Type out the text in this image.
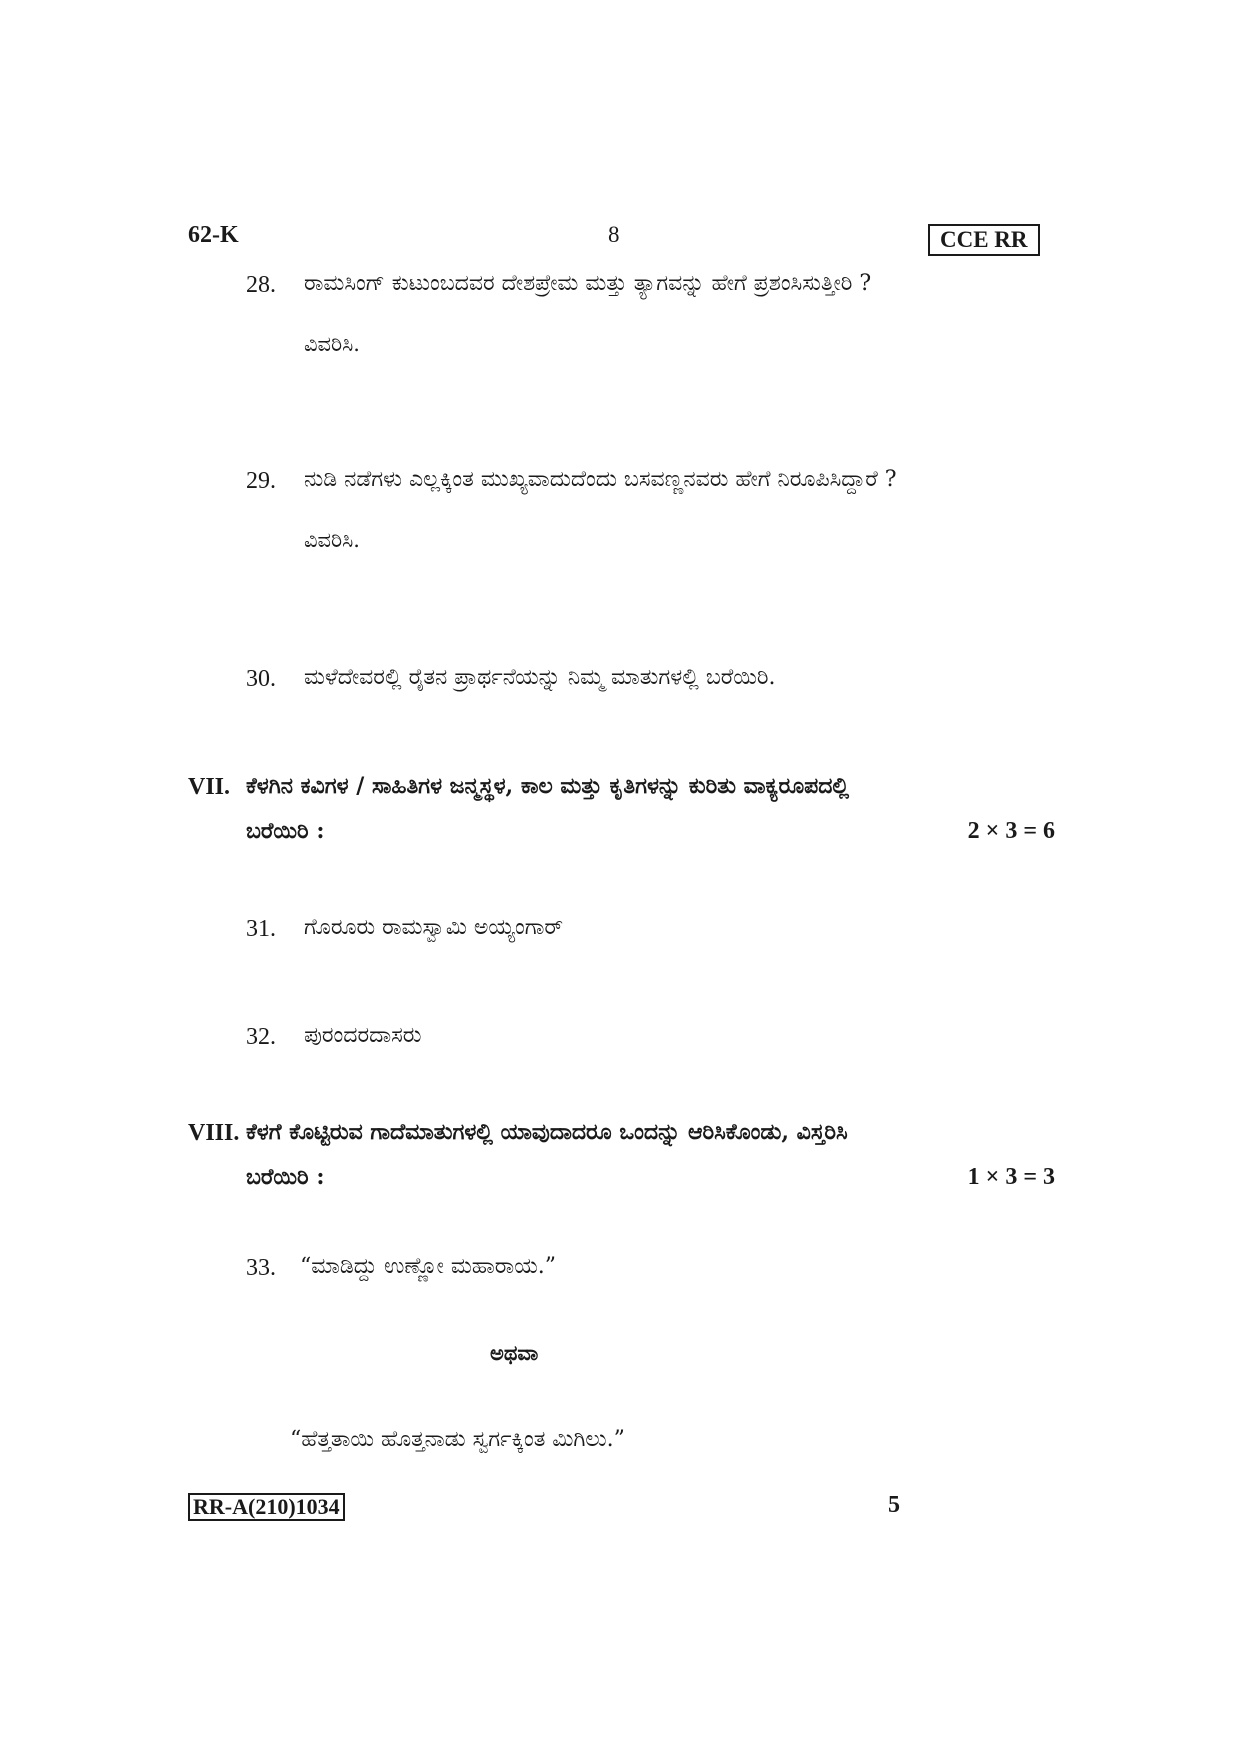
62-K	8	CCE RR
28.	ರಾಮಸಿಂಗ್ ಕುಟುಂಬದವರ ದೇಶಪ್ರೇಮ ಮತ್ತು ತ್ಯಾಗವನ್ನು ಹೇಗೆ ಪ್ರಶಂಸಿಸುತ್ತೀರಿ ?
ವಿವರಿಸಿ.
29.	ನುಡಿ ನಡೆಗಳು ಎಲ್ಲಕ್ಕಿಂತ ಮುಖ್ಯವಾದುದೆಂದು ಬಸವಣ್ಣನವರು ಹೇಗೆ ನಿರೂಪಿಸಿದ್ದಾರೆ ?
ವಿವರಿಸಿ.
30.	ಮಳೆದೇವರಲ್ಲಿ ರೈತನ ಪ್ರಾರ್ಥನೆಯನ್ನು ನಿಮ್ಮ ಮಾತುಗಳಲ್ಲಿ ಬರೆಯಿರಿ.
VII. ಕೆಳಗಿನ ಕವಿಗಳ / ಸಾಹಿತಿಗಳ ಜನ್ಮಸ್ಥಳ, ಕಾಲ ಮತ್ತು ಕೃತಿಗಳನ್ನು ಕುರಿತು ವಾಕ್ಯರೂಪದಲ್ಲಿ
ಬರೆಯಿರಿ :	2 × 3 = 6
31.	ಗೊರೂರು ರಾಮಸ್ವಾಮಿ ಅಯ್ಯಂಗಾರ್
32.	ಪುರಂದರದಾಸರು
VIII. ಕೆಳಗೆ ಕೊಟ್ಟಿರುವ ಗಾದೆಮಾತುಗಳಲ್ಲಿ ಯಾವುದಾದರೂ ಒಂದನ್ನು ಆರಿಸಿಕೊಂಡು, ವಿಸ್ತರಿಸಿ
ಬರೆಯಿರಿ :	1 × 3 = 3
33.	“ಮಾಡಿದ್ದು ಉಣ್ಣೋ ಮಹಾರಾಯ.”
ಅಥವಾ
“ಹೆತ್ತತಾಯಿ ಹೊತ್ತನಾಡು ಸ್ವರ್ಗಕ್ಕಿಂತ ಮಿಗಿಲು.”
RR-A(210)1034	5
